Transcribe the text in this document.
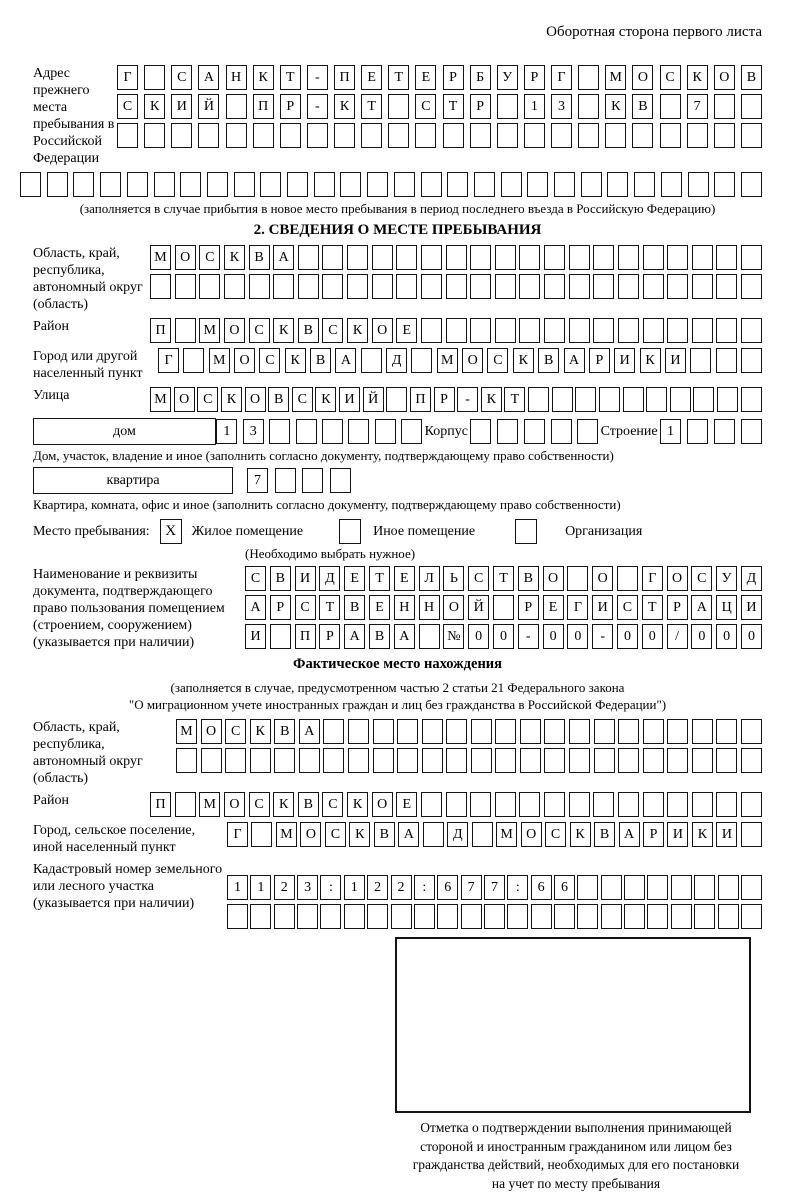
Оборотная сторона первого листа
Адрес прежнего места пребывания в Российской Федерации
Г	С	А	Н	К	Т	-	П	Е	Т	Е	Р	Б	У	Р	Г	М	О	С	К	О	В
С	К	И	Й	П	Р	-	К	Т	С	Т	Р	1	3	К	В	7
(заполняется в случае прибытия в новое место пребывания в период последнего въезда в Российскую Федерацию)
2. СВЕДЕНИЯ О МЕСТЕ ПРЕБЫВАНИЯ
Область, край, республика, автономный округ (область)
М О	С	К	В	А
Район	П	М О	С	К	В	С	К	О	Е
Город или другой населенный пункт
Г	М	О	С	К	В	А	Д	М	О	С	К	В	А	Р	И	К	И
Улица	М О С	К О В	С	К И Й	П	Р	-	К	Т
дом	1	3	Корпус	Строение 1
Дом, участок, владение и иное (заполнить согласно документу, подтверждающему право собственности)
квартира	7
Квартира, комната, офис и иное (заполнить согласно документу, подтверждающему право собственности)
Место пребывания:	X	Жилое помещение	Иное помещение	Организация
(Необходимо выбрать нужное)
Наименование и реквизиты документа, подтверждающего право пользования помещением (строением, сооружением) (указывается при наличии)
С	В	И	Д	Е	Т	Е	Л	Ь	С	Т	В	О	О	Г	О	С	У	Д
А	Р	С	Т	В	Е	Н	Н	О	Й	Р	Е	Г	И	С	Т	Р	А	Ц	И
И	П	Р	А	В	А	№	0	0	-	0	0	-	0	0	/	0	0	0
Фактическое место нахождения
(заполняется в случае, предусмотренном частью 2 статьи 21 Федерального закона
"О миграционном учете иностранных граждан и лиц без гражданства в Российской Федерации")
Область, край, республика, автономный округ (область)
М О	С	К	В	А
Район	П	М О	С	К	В	С	К	О	Е
Город, сельское поселение, иной населенный пункт
Г	М О	С	К	В	А	Д	М О	С	К	В	А	Р	И	К	И
Кадастровый номер земельного или лесного участка (указывается при наличии)
1	1	2	3	:	1	2	2	:	6	7	7	:	6	6
Отметка о подтверждении выполнения принимающей
стороной и иностранным гражданином или лицом без
гражданства действий, необходимых для его постановки
на учет по месту пребывания
